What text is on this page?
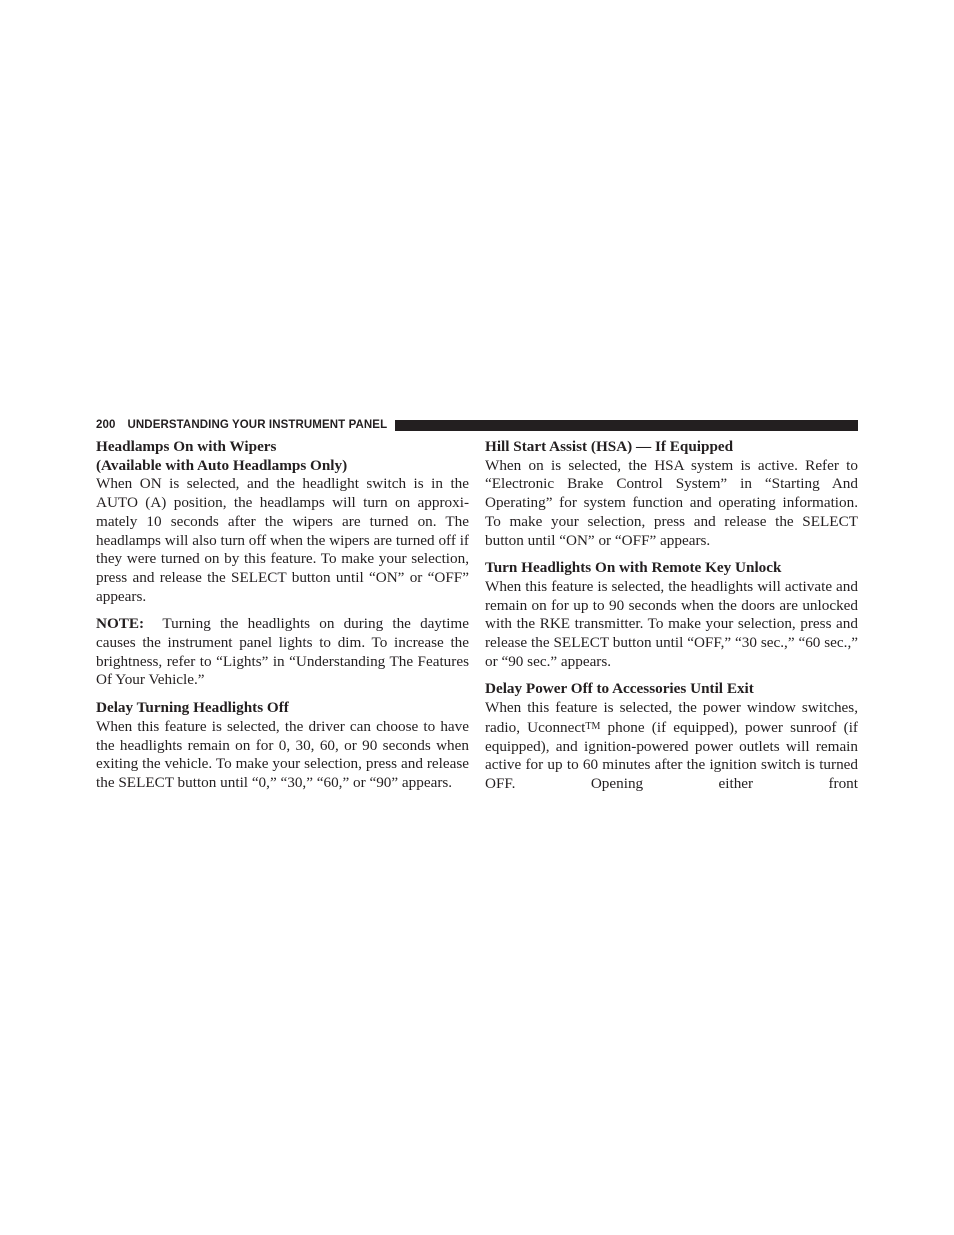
200 UNDERSTANDING YOUR INSTRUMENT PANEL

Headlamps On with Wipers

(Available with Auto Headlamps Only)

When ON is selected, and the headlight switch is in the AUTO (A) position, the headlamps will turn on approximately 10 seconds after the wipers are turned on. The headlamps will also turn off when the wipers are turned off if they were turned on by this feature. To make your selection, press and release the SELECT button until “ON” or “OFF” appears.

NOTE: Turning the headlights on during the daytime causes the instrument panel lights to dim. To increase the brightness, refer to “Lights” in “Understanding The Features Of Your Vehicle.”

Delay Turning Headlights Off

When this feature is selected, the driver can choose to have the headlights remain on for 0, 30, 60, or 90 seconds when exiting the vehicle. To make your selection, press and release the SELECT button until “0,” “30,” “60,” or “90” appears.

Hill Start Assist (HSA) — If Equipped

When on is selected, the HSA system is active. Refer to “Electronic Brake Control System” in “Starting And Operating” for system function and operating information. To make your selection, press and release the SELECT button until “ON” or “OFF” appears.

Turn Headlights On with Remote Key Unlock

When this feature is selected, the headlights will activate and remain on for up to 90 seconds when the doors are unlocked with the RKE transmitter. To make your selection, press and release the SELECT button until “OFF,” “30 sec.,” “60 sec.,” or “90 sec.” appears.

Delay Power Off to Accessories Until Exit

When this feature is selected, the power window switches, radio, UconnectTM phone (if equipped), power sunroof (if equipped), and ignition-powered power outlets will remain active for up to 60 minutes after the ignition switch is turned OFF. Opening either front
